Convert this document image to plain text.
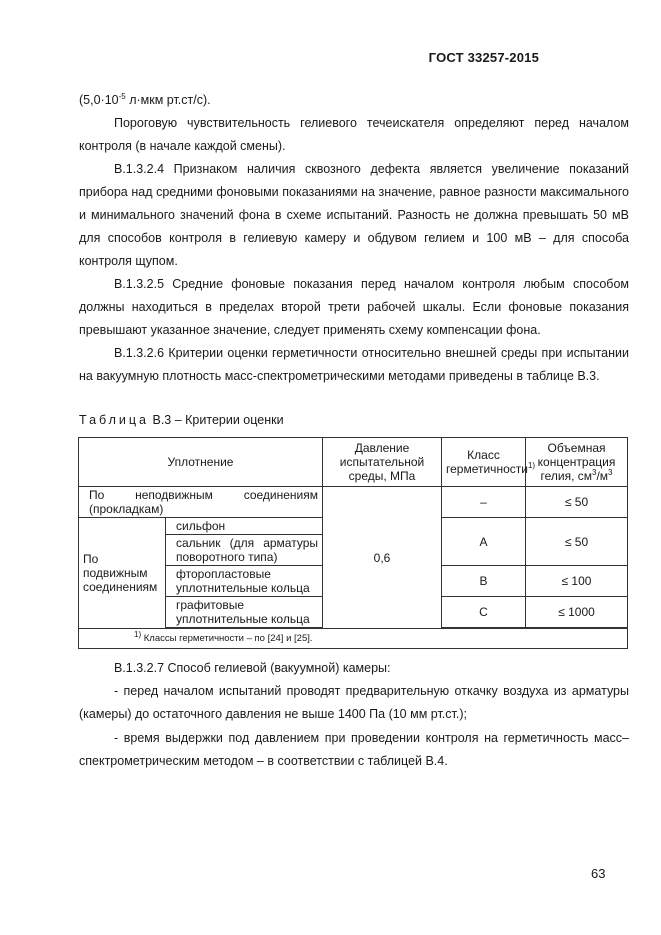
ГОСТ 33257-2015

($5,0\cdot 10^{-5}$ л·мкм рт.ст/с).

Пороговую чувствительность гелиевого течеискателя определяют перед началом контроля (в начале каждой смены).

В.1.3.2.4 Признаком наличия сквозного дефекта является увеличение показаний прибора над средними фоновыми показаниями на значение, равное разности максимального и минимального значений фона в схеме испытаний. Разность не должна превышать 50 мВ для способов контроля в гелиевую камеру и обдувом гелием и 100 мВ – для способа контроля щупом.

В.1.3.2.5 Средние фоновые показания перед началом контроля любым способом должны находиться в пределах второй трети рабочей шкалы. Если фоновые показания превышают указанное значение, следует применять схему компенсации фона.

В.1.3.2.6 Критерии оценки герметичности относительно внешней среды при испытании на вакуумную плотность масс-спектрометрическими методами приведены в таблице В.3.

Таблица В.3 – Критерии оценки
Уплотнение		Давление испытательной среды, МПа	Класс герметичности$^{1)}$	Объемная концентрация гелия, $см^3/м^3$
По неподвижным соединениям (прокладкам)		0,6	–	≤ 50
По подвижным соединениям	сильфон		А	≤ 50
	сальник (для арматуры поворотного типа)			
	фторопластовые уплотнительные кольца		В	≤ 100
	графитовые уплотнительные кольца		С	≤ 1000

$^{1)}$ Классы герметичности – по [24] и [25].				

В.1.3.2.7 Способ гелиевой (вакуумной) камеры:

- перед началом испытаний проводят предварительную откачку воздуха из арматуры (камеры) до остаточного давления не выше 1400 Па (10 мм рт.ст.);

- время выдержки под давлением при проведении контроля на герметичность масс–спектрометрическим методом – в соответствии с таблицей В.4.

63
